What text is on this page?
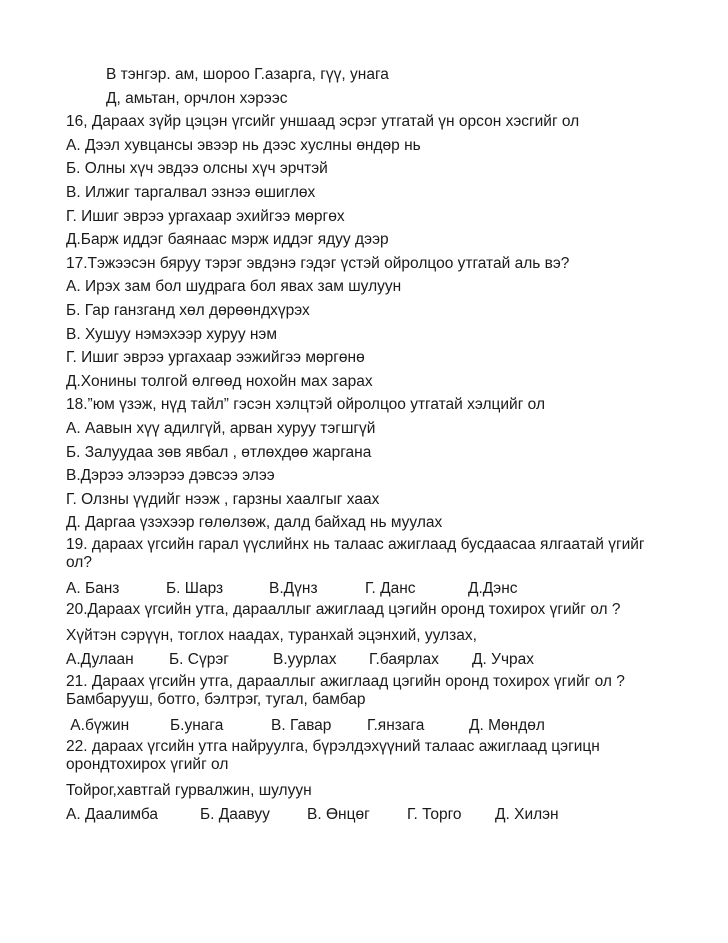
В тэнгэр. ам, шороо Г.азарга, гүү, унага
Д, амьтан, орчлон хэрээс
16, Дараах зүйр цэцэн үгсийг уншаад эсрэг утгатай үн орсон хэсгийг ол
А. Дээл хувцансы эвээр нь дээс хуслны өндөр нь
Б. Олны хүч эвдээ олсны хүч эрчтэй
В. Илжиг таргалвал эзнээ өшиглөх
Г. Ишиг эврээ ургахаар эхийгээ мөргөх
Д.Барж иддэг баянаас мэрж иддэг ядуу дээр
17.Тэжээсэн бяруу тэрэг эвдэнэ гэдэг үстэй ойролцоо утгатай аль вэ?
А. Ирэх зам бол шудрага бол явах зам шулуун
Б. Гар ганзганд хөл дөрөөндхүрэх
В. Хушуу нэмэхээр хуруу нэм
Г. Ишиг эврээ ургахаар ээжийгээ мөргөнө
Д.Хонины толгой өлгөөд нохойн мах зарах
18.”юм үзэж, нүд тайл” гэсэн хэлцтэй ойролцоо утгатай хэлцийг ол
А. Аавын хүү адилгүй, арван хуруу тэгшгүй
Б. Залуудаа зөв явбал , өтлөхдөө жаргана
В.Дэрээ элээрээ дэвсээ элээ
Г. Олзны үүдийг нээж , гарзны хаалгыг хаах
Д. Даргаа үзэхээр гөлөлзөж, далд байхад нь муулах
19. дараах үгсийн гарал үүслийнх нь талаас ажиглаад бусдаасаа ялгаатай үгийг ол?
А. Банз	Б. Шарз	В.Дүнз	Г. Данс	Д.Дэнс
20.Дараах үгсийн утга, дарааллыг ажиглаад цэгийн оронд тохирох үгийг ол ?
Хүйтэн сэрүүн, тоглох наадах, туранхай эцэнхий, уулзах,
А.Дулаан	Б. Сүрэг	В.уурлах	Г.баярлах	Д. Учрах
21. Дараах үгсийн утга, дарааллыг ажиглаад цэгийн оронд тохирох үгийг ол ? Бамбарууш, ботго, бэлтрэг, тугал, бамбар
А.бүжин	Б.унага	В. Гавар	Г.янзага	Д. Мөндөл
22. дараах үгсийн утга найруулга, бүрэлдэхүүний талаас ажиглаад цэгицн орондтохирох үгийг ол
Тойрог,хавтгай гурвалжин, шулуун
А. Даалимба	Б. Даавуу	В. Өнцөг	Г. Торго	Д. Хилэн
